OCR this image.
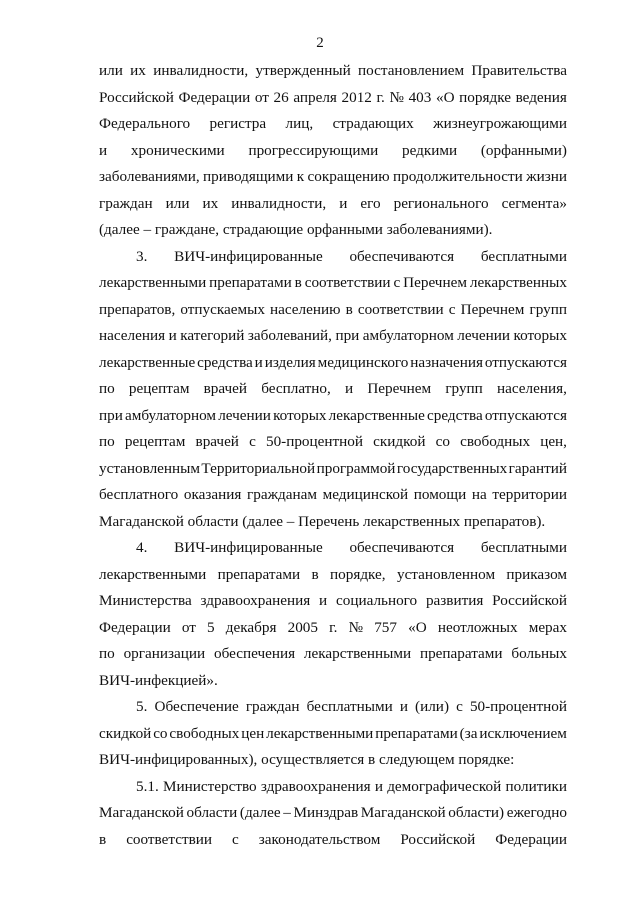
2
или их инвалидности, утвержденный постановлением Правительства
Российской Федерации от 26 апреля 2012 г. № 403 «О порядке ведения
Федерального регистра лиц, страдающих жизнеугрожающими
и хроническими прогрессирующими редкими (орфанными)
заболеваниями, приводящими к сокращению продолжительности жизни
граждан или их инвалидности, и его регионального сегмента»
(далее – граждане, страдающие орфанными заболеваниями).
3. ВИЧ-инфицированные обеспечиваются бесплатными
лекарственными препаратами в соответствии с Перечнем лекарственных
препаратов, отпускаемых населению в соответствии с Перечнем групп
населения и категорий заболеваний, при амбулаторном лечении которых
лекарственные средства и изделия медицинского назначения отпускаются
по рецептам врачей бесплатно, и Перечнем групп населения,
при амбулаторном лечении которых лекарственные средства отпускаются
по рецептам врачей с 50-процентной скидкой со свободных цен,
установленным Территориальной программой государственных гарантий
бесплатного оказания гражданам медицинской помощи на территории
Магаданской области (далее – Перечень лекарственных препаратов).
4. ВИЧ-инфицированные обеспечиваются бесплатными
лекарственными препаратами в порядке, установленном приказом
Министерства здравоохранения и социального развития Российской
Федерации от 5 декабря 2005 г. № 757 «О неотложных мерах
по организации обеспечения лекарственными препаратами больных
ВИЧ-инфекцией».
5. Обеспечение граждан бесплатными и (или) с 50-процентной
скидкой со свободных цен лекарственными препаратами (за исключением
ВИЧ-инфицированных), осуществляется в следующем порядке:
5.1. Министерство здравоохранения и демографической политики
Магаданской области (далее – Минздрав Магаданской области) ежегодно
в соответствии с законодательством Российской Федерации
